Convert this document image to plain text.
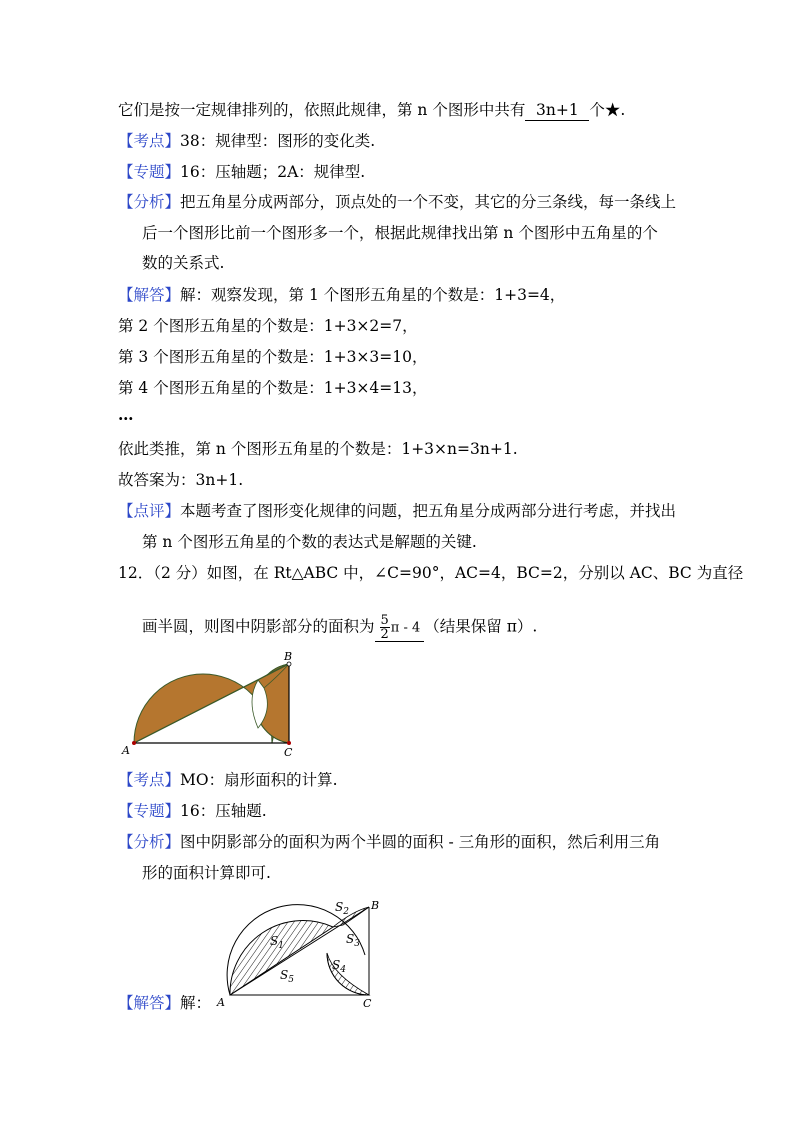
它们是按一定规律排列的，依照此规律，第 n 个图形中共有 3n+1 个★.
【考点】38：规律型：图形的变化类.
【专题】16：压轴题；2A：规律型.
【分析】把五角星分成两部分，顶点处的一个不变，其它的分三条线，每一条线上
后一个图形比前一个图形多一个，根据此规律找出第 n 个图形中五角星的个
数的关系式.
【解答】解：观察发现，第 1 个图形五角星的个数是：1+3=4，
第 2 个图形五角星的个数是：1+3×2=7，
第 3 个图形五角星的个数是：1+3×3=10，
第 4 个图形五角星的个数是：1+3×4=13，
…
依此类推，第 n 个图形五角星的个数是：1+3×n=3n+1.
故答案为：3n+1.
【点评】本题考查了图形变化规律的问题，把五角星分成两部分进行考虑，并找出
第 n 个图形五角星的个数的表达式是解题的关键.
12．（2 分）如图，在 Rt△ABC 中，∠C=90°，AC=4，BC=2，分别以 AC、BC 为直径
画半圆，则图中阴影部分的面积为 $\frac{5}{2}$ π - 4 （结果保留 π）.
A
B
C
【考点】MO：扇形面积的计算.
【专题】16：压轴题.
【分析】图中阴影部分的面积为两个半圆的面积 - 三角形的面积，然后利用三角
形的面积计算即可.
A
B
C
$S_1$
$S_2$
$S_3$
$S_4$
$S_5$
【解答】解：
